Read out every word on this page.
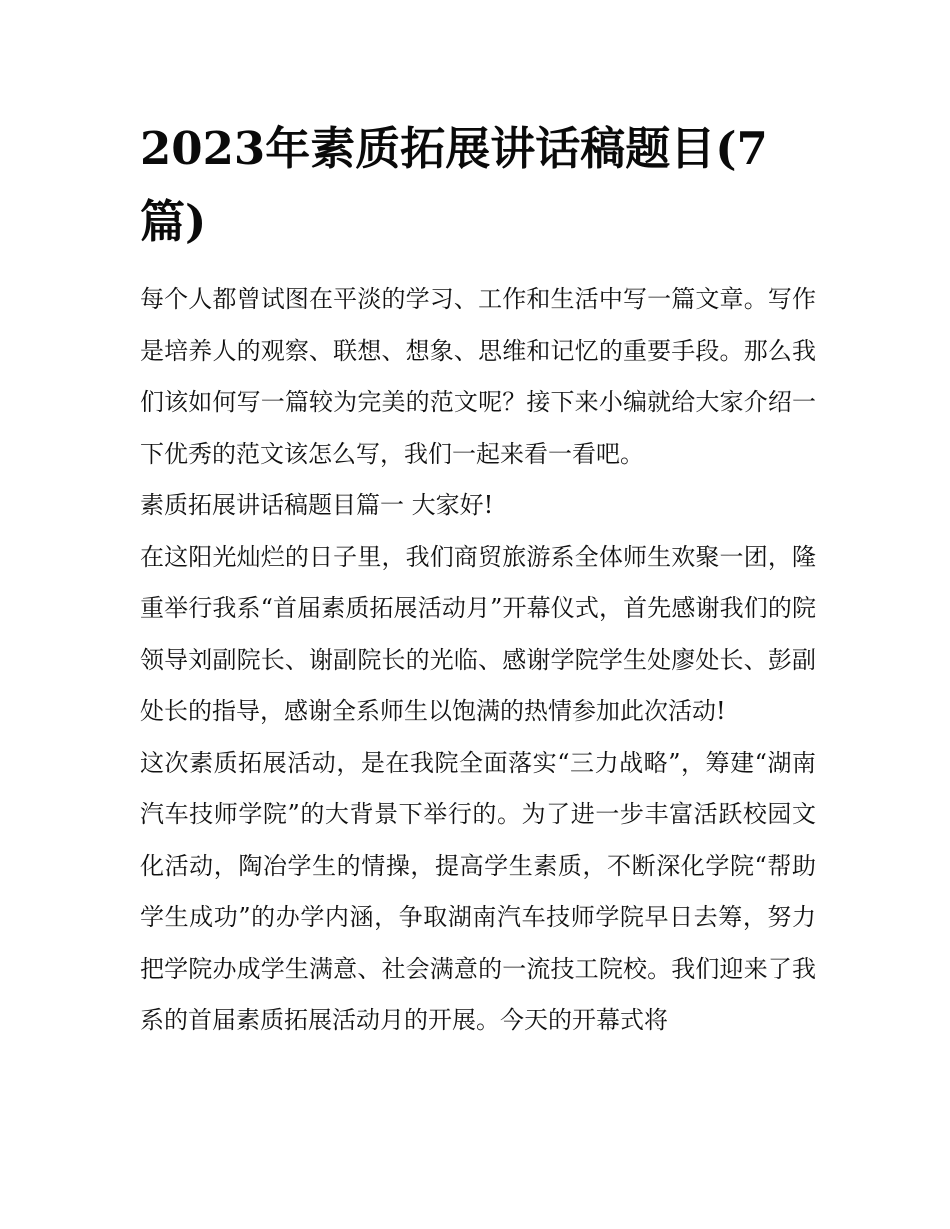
2023年素质拓展讲话稿题目(7篇)

每个人都曾试图在平淡的学习、工作和生活中写一篇文章。写作是培养人的观察、联想、想象、思维和记忆的重要手段。那么我们该如何写一篇较为完美的范文呢？接下来小编就给大家介绍一下优秀的范文该怎么写，我们一起来看一看吧。

素质拓展讲话稿题目篇一 大家好!

在这阳光灿烂的日子里，我们商贸旅游系全体师生欢聚一团，隆重举行我系“首届素质拓展活动月”开幕仪式，首先感谢我们的院领导刘副院长、谢副院长的光临、感谢学院学生处廖处长、彭副处长的指导，感谢全系师生以饱满的热情参加此次活动!

这次素质拓展活动，是在我院全面落实“三力战略”，筹建“湖南汽车技师学院”的大背景下举行的。为了进一步丰富活跃校园文化活动，陶冶学生的情操，提高学生素质，不断深化学院“帮助学生成功”的办学内涵，争取湖南汽车技师学院早日去筹，努力把学院办成学生满意、社会满意的一流技工院校。我们迎来了我系的首届素质拓展活动月的开展。今天的开幕式将
